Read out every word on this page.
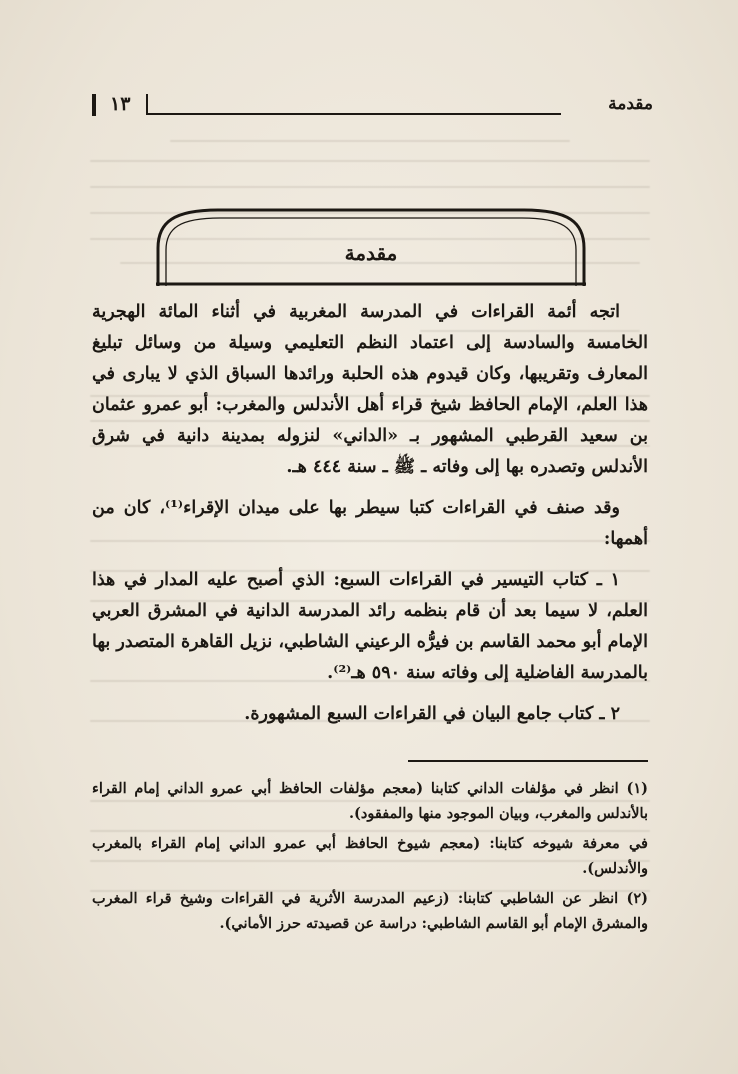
١٣	مقدمة
مقدمة

اتجه أئمة القراءات في المدرسة المغربية في أثناء المائة الهجرية الخامسة والسادسة إلى اعتماد النظم التعليمي وسيلة من وسائل تبليغ المعارف وتقريبها، وكان قيدوم هذه الحلبة ورائدها السباق الذي لا يبارى في هذا العلم، الإمام الحافظ شيخ قراء أهل الأندلس والمغرب: أبو عمرو عثمان بن سعيد القرطبي المشهور بـ «الداني» لنزوله بمدينة دانية في شرق الأندلس وتصدره بها إلى وفاته ـ ﷺ ـ سنة ٤٤٤ هـ.

وقد صنف في القراءات كتبا سيطر بها على ميدان الإقراء⁽¹⁾، كان من أهمها:

١ ـ كتاب التيسير في القراءات السبع: الذي أصبح عليه المدار في هذا العلم، لا سيما بعد أن قام بنظمه رائد المدرسة الدانية في المشرق العربي الإمام أبو محمد القاسم بن فيرُّه الرعيني الشاطبي، نزيل القاهرة المتصدر بها بالمدرسة الفاضلية إلى وفاته سنة ٥٩٠ هـ⁽²⁾.

٢ ـ كتاب جامع البيان في القراءات السبع المشهورة.

(١) انظر في مؤلفات الداني كتابنا (معجم مؤلفات الحافظ أبي عمرو الداني إمام القراء بالأندلس والمغرب، وبيان الموجود منها والمفقود).

في معرفة شيوخه كتابنا: (معجم شيوخ الحافظ أبي عمرو الداني إمام القراء بالمغرب والأندلس).

(٢) انظر عن الشاطبي كتابنا: (زعيم المدرسة الأثرية في القراءات وشيخ قراء المغرب والمشرق الإمام أبو القاسم الشاطبي: دراسة عن قصيدته حرز الأماني).
